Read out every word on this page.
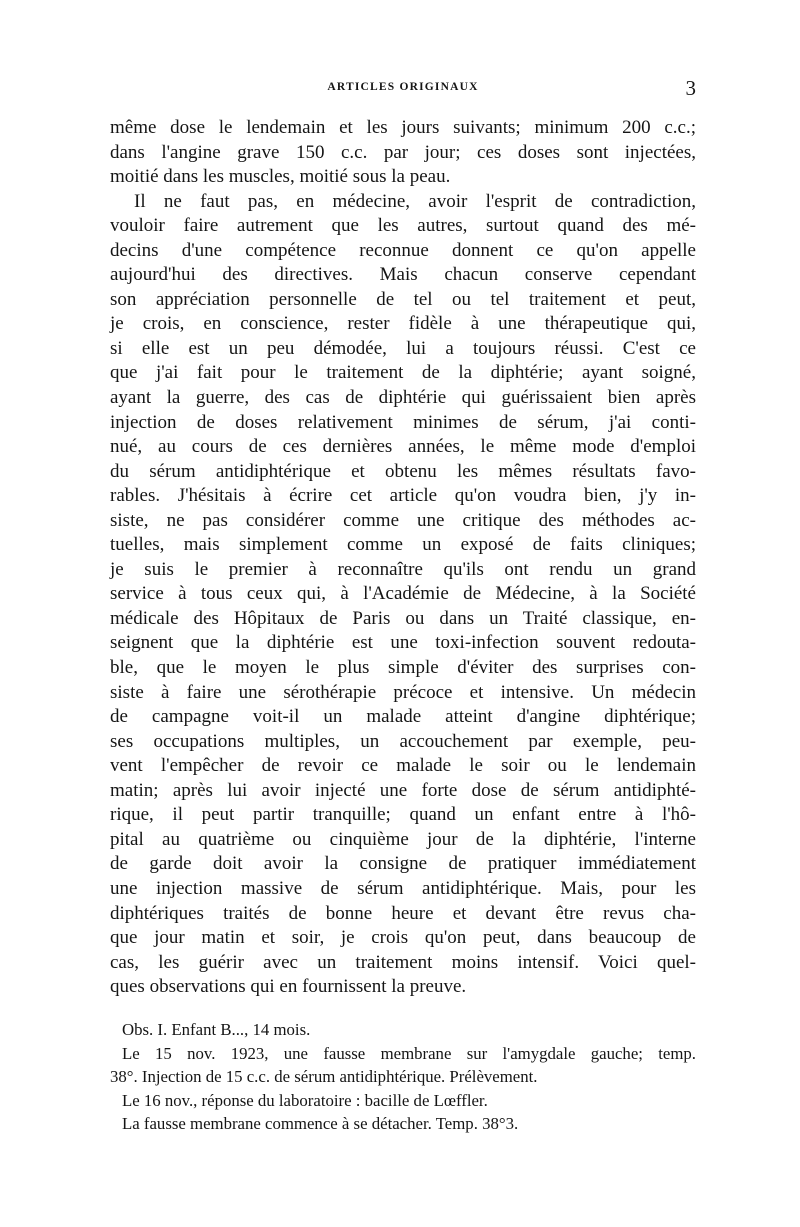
ARTICLES ORIGINAUX	3
même dose le lendemain et les jours suivants; minimum 200 c.c.;
dans l'angine grave 150 c.c. par jour; ces doses sont injectées,
moitié dans les muscles, moitié sous la peau.
Il ne faut pas, en médecine, avoir l'esprit de contradiction,
vouloir faire autrement que les autres, surtout quand des mé-
decins d'une compétence reconnue donnent ce qu'on appelle
aujourd'hui des directives. Mais chacun conserve cependant
son appréciation personnelle de tel ou tel traitement et peut,
je crois, en conscience, rester fidèle à une thérapeutique qui,
si elle est un peu démodée, lui a toujours réussi. C'est ce
que j'ai fait pour le traitement de la diphtérie; ayant soigné,
ayant la guerre, des cas de diphtérie qui guérissaient bien après
injection de doses relativement minimes de sérum, j'ai conti-
nué, au cours de ces dernières années, le même mode d'emploi
du sérum antidiphtérique et obtenu les mêmes résultats favo-
rables. J'hésitais à écrire cet article qu'on voudra bien, j'y in-
siste, ne pas considérer comme une critique des méthodes ac-
tuelles, mais simplement comme un exposé de faits cliniques;
je suis le premier à reconnaître qu'ils ont rendu un grand
service à tous ceux qui, à l'Académie de Médecine, à la Société
médicale des Hôpitaux de Paris ou dans un Traité classique, en-
seignent que la diphtérie est une toxi-infection souvent redouta-
ble, que le moyen le plus simple d'éviter des surprises con-
siste à faire une sérothérapie précoce et intensive. Un médecin
de campagne voit-il un malade atteint d'angine diphtérique;
ses occupations multiples, un accouchement par exemple, peu-
vent l'empêcher de revoir ce malade le soir ou le lendemain
matin; après lui avoir injecté une forte dose de sérum antidiphté-
rique, il peut partir tranquille; quand un enfant entre à l'hô-
pital au quatrième ou cinquième jour de la diphtérie, l'interne
de garde doit avoir la consigne de pratiquer immédiatement
une injection massive de sérum antidiphtérique. Mais, pour les
diphtériques traités de bonne heure et devant être revus cha-
que jour matin et soir, je crois qu'on peut, dans beaucoup de
cas, les guérir avec un traitement moins intensif. Voici quel-
ques observations qui en fournissent la preuve.
Obs. I. Enfant B..., 14 mois.
Le 15 nov. 1923, une fausse membrane sur l'amygdale gauche; temp.
38°. Injection de 15 c.c. de sérum antidiphtérique. Prélèvement.
Le 16 nov., réponse du laboratoire : bacille de Lœffler.
La fausse membrane commence à se détacher. Temp. 38°3.
